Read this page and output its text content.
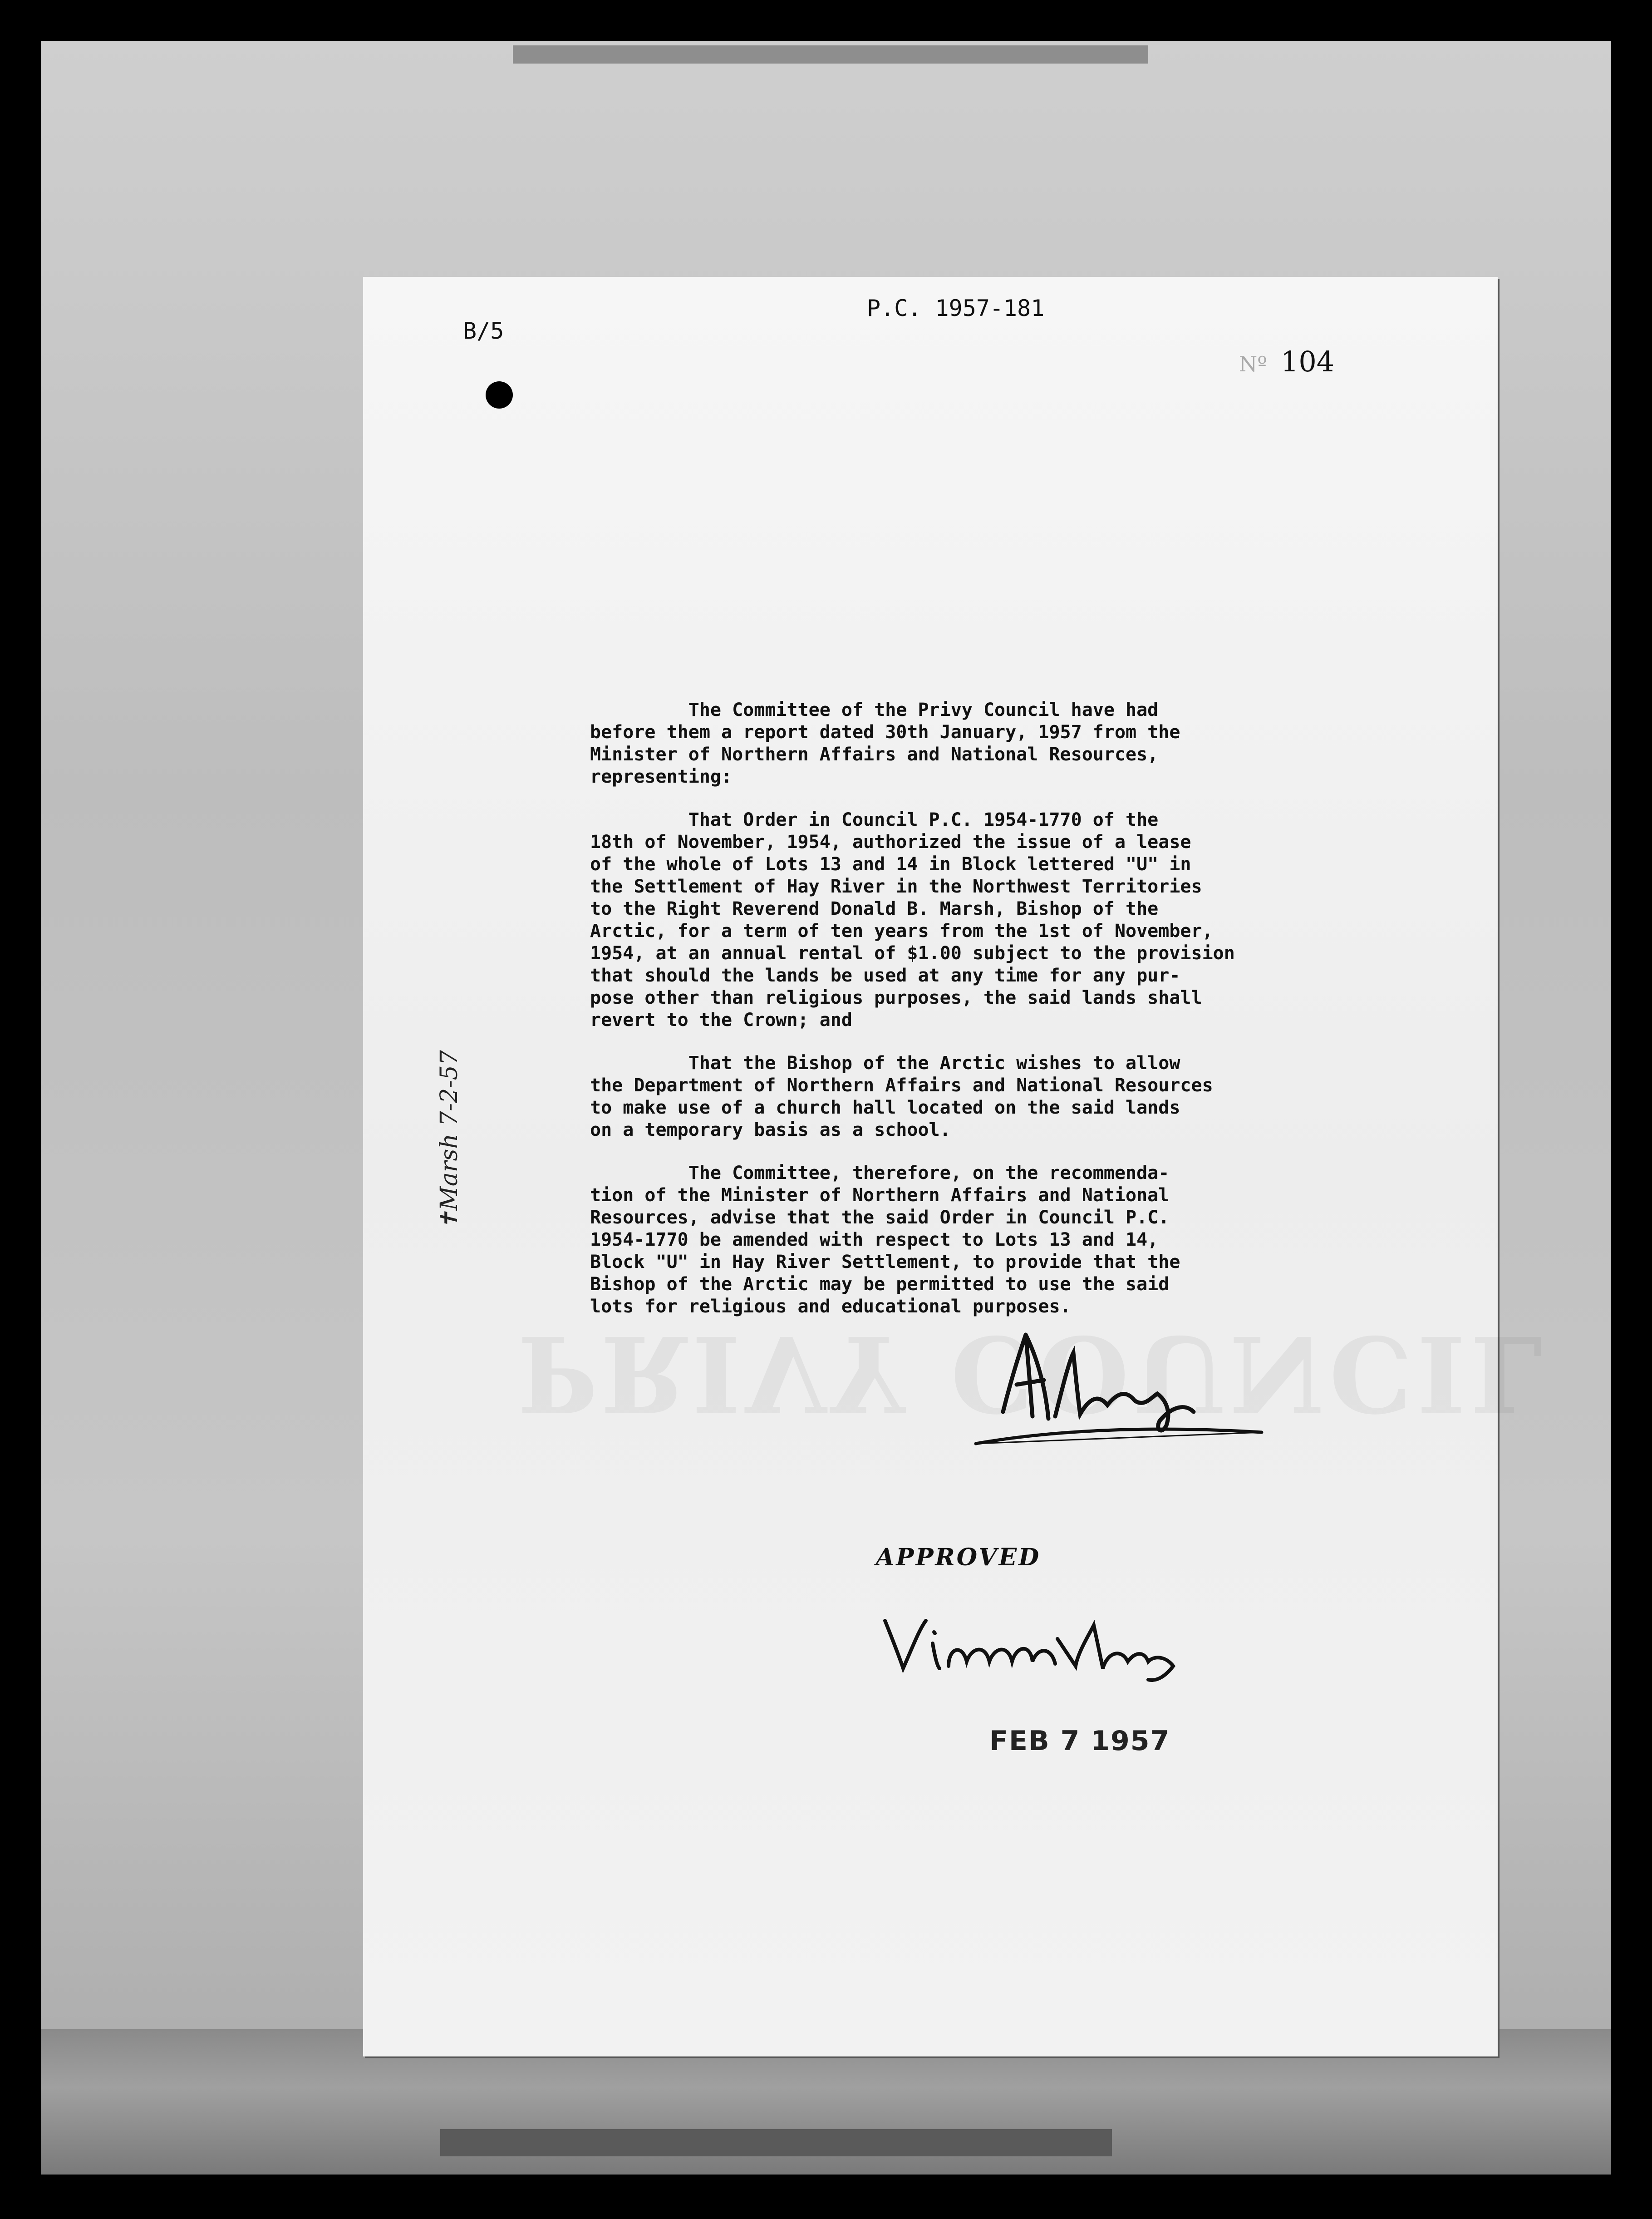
PRIVY COUNCIL
P.C. 1957-181
B/5
Nº 104
✝Marsh 7-2-57

The Committee of the Privy Council have had
before them a report dated 30th January, 1957 from the
Minister of Northern Affairs and National Resources,
representing:

That Order in Council P.C. 1954-1770 of the
18th of November, 1954, authorized the issue of a lease
of the whole of Lots 13 and 14 in Block lettered "U" in
the Settlement of Hay River in the Northwest Territories
to the Right Reverend Donald B. Marsh, Bishop of the
Arctic, for a term of ten years from the 1st of November,
1954, at an annual rental of $1.00 subject to the provision
that should the lands be used at any time for any pur-
pose other than religious purposes, the said lands shall
revert to the Crown; and

That the Bishop of the Arctic wishes to allow
the Department of Northern Affairs and National Resources
to make use of a church hall located on the said lands
on a temporary basis as a school.

The Committee, therefore, on the recommenda-
tion of the Minister of Northern Affairs and National
Resources, advise that the said Order in Council P.C.
1954-1770 be amended with respect to Lots 13 and 14,
Block "U" in Hay River Settlement, to provide that the
Bishop of the Arctic may be permitted to use the said
lots for religious and educational purposes.

APPROVED
FEB 7 1957
